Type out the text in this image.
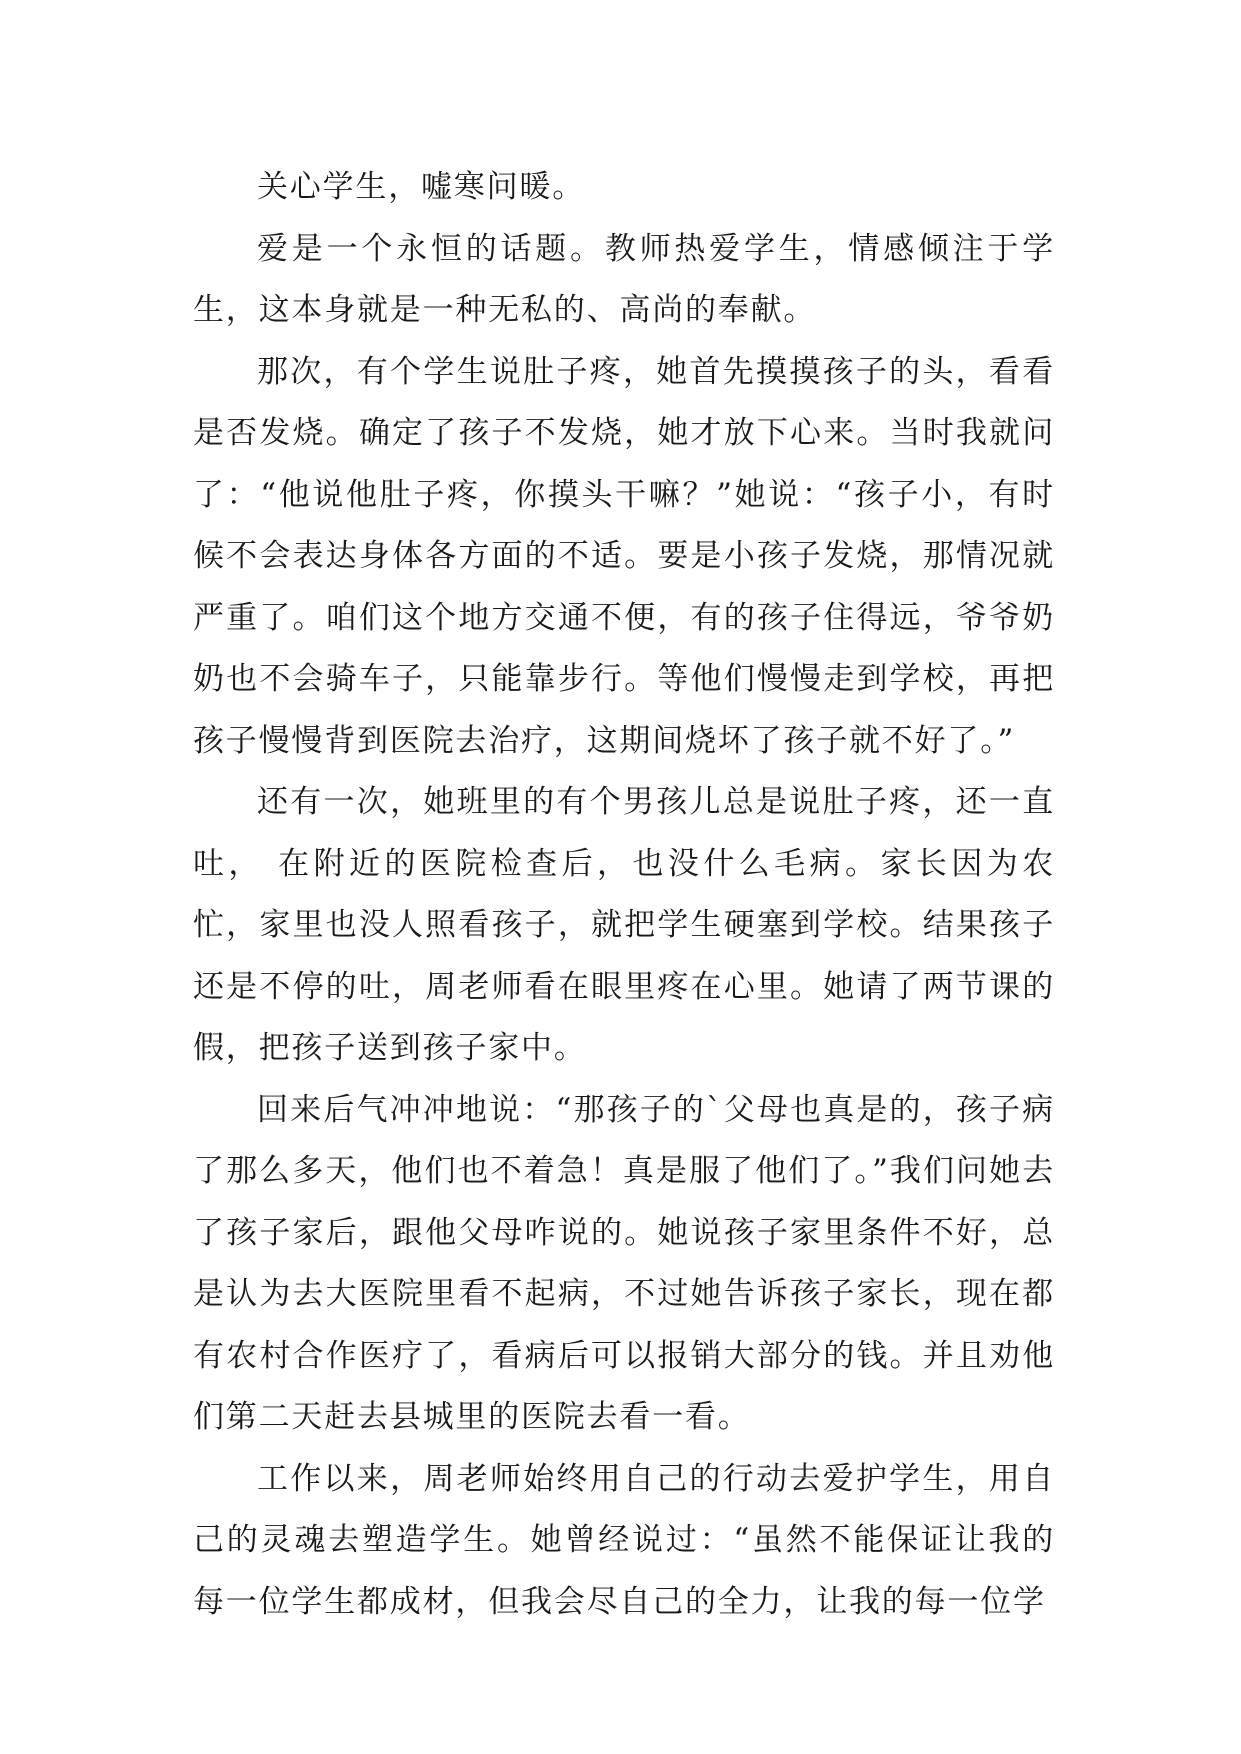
关心学生，嘘寒问暖。

爱是一个永恒的话题。教师热爱学生，情感倾注于学生，这本身就是一种无私的、高尚的奉献。

那次，有个学生说肚子疼，她首先摸摸孩子的头，看看是否发烧。确定了孩子不发烧，她才放下心来。当时我就问了：“他说他肚子疼，你摸头干嘛？”她说：“孩子小，有时候不会表达身体各方面的不适。要是小孩子发烧，那情况就严重了。咱们这个地方交通不便，有的孩子住得远，爷爷奶奶也不会骑车子，只能靠步行。等他们慢慢走到学校，再把孩子慢慢背到医院去治疗，这期间烧坏了孩子就不好了。”

还有一次，她班里的有个男孩儿总是说肚子疼，还一直吐， 在附近的医院检查后，也没什么毛病。家长因为农忙，家里也没人照看孩子，就把学生硬塞到学校。结果孩子还是不停的吐，周老师看在眼里疼在心里。她请了两节课的假，把孩子送到孩子家中。

回来后气冲冲地说：“那孩子的`父母也真是的，孩子病了那么多天，他们也不着急！真是服了他们了。”我们问她去了孩子家后，跟他父母咋说的。她说孩子家里条件不好，总是认为去大医院里看不起病，不过她告诉孩子家长，现在都有农村合作医疗了，看病后可以报销大部分的钱。并且劝他们第二天赶去县城里的医院去看一看。

工作以来，周老师始终用自己的行动去爱护学生，用自己的灵魂去塑造学生。她曾经说过：“虽然不能保证让我的每一位学生都成材，但我会尽自己的全力，让我的每一位学
